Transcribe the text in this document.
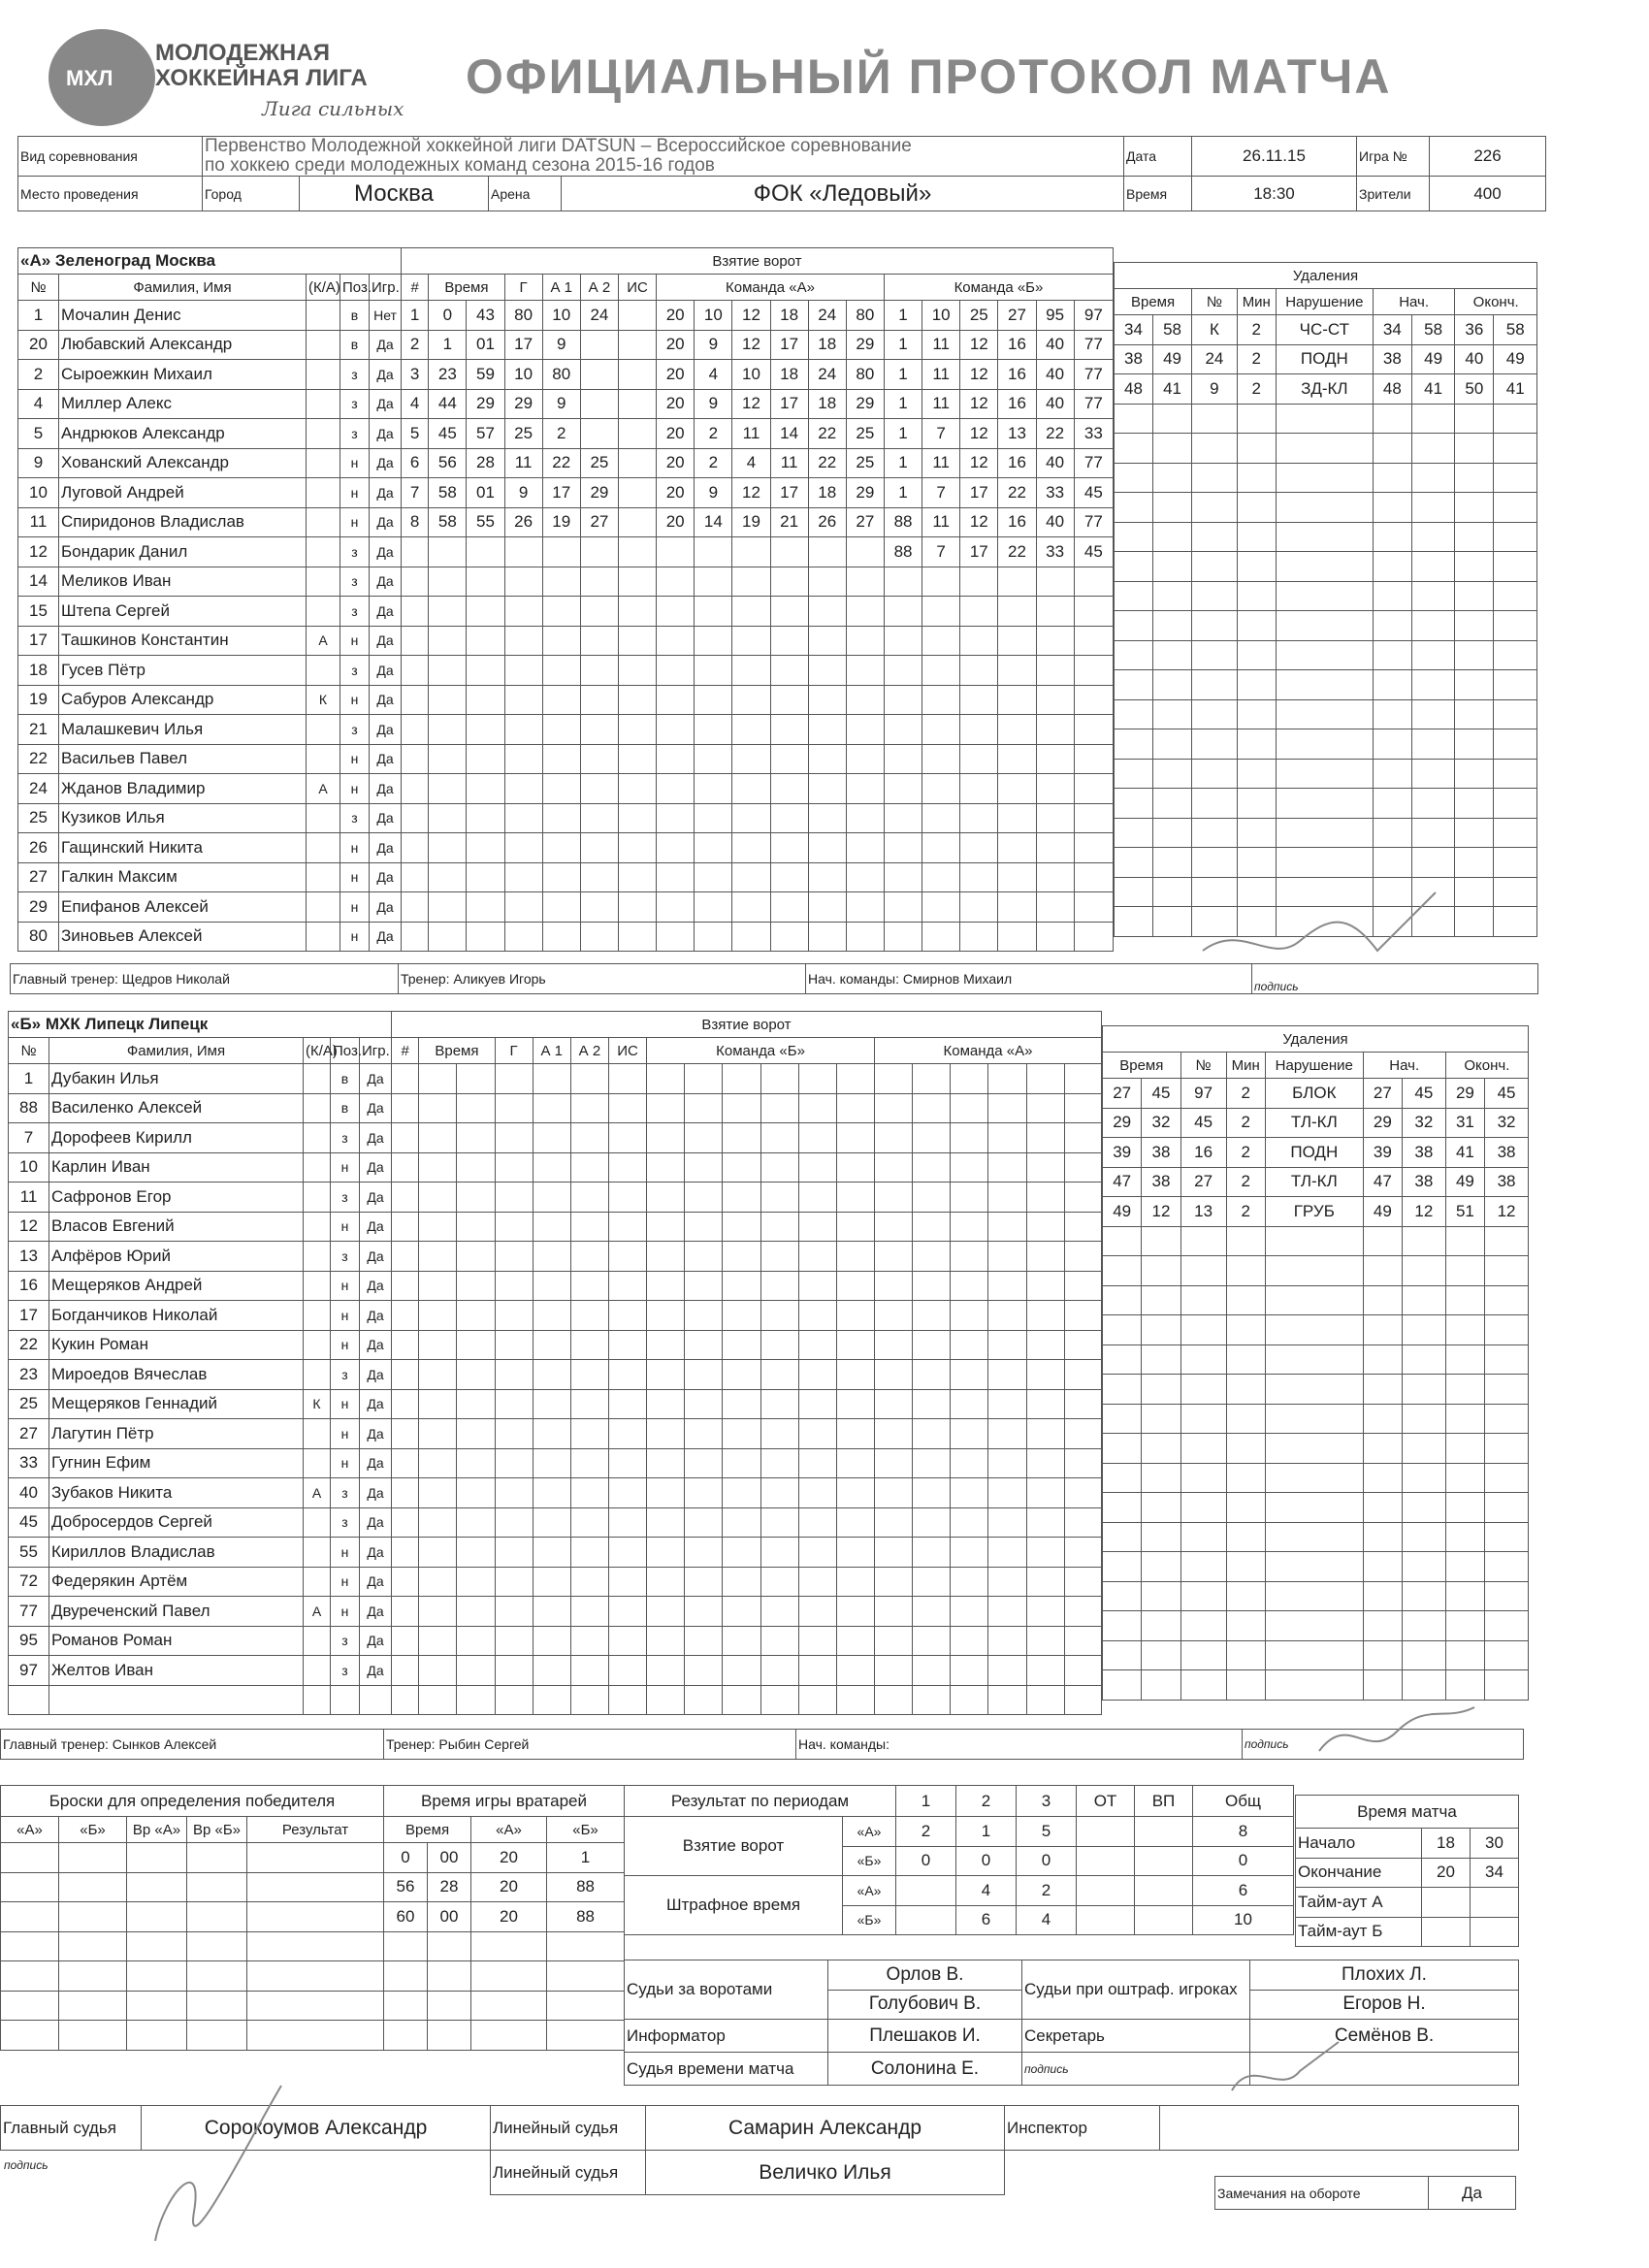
МХЛ
МОЛОДЕЖНАЯ
ХОККЕЙНАЯ ЛИГА
Лига сильных
ОФИЦИАЛЬНЫЙ ПРОТОКОЛ МАТЧА
Вид соревнования	Первенство Молодежной хоккейной лиги DATSUN – Всероссийское соревнование
по хоккею среди молодежных команд сезона 2015-16 годов				Дата	26.11.15	Игра №	226
Место проведения	Город	Москва	Арена	ФОК «Ледовый»	Время	18:30	Зрители	400
«А» Зеленоград Москва				
№	Фамилия, Имя	(К/А)	Поз.	Игр.
1	Мочалин Денис		в	Нет
20	Любавский Александр		в	Да
2	Сыроежкин Михаил		з	Да
4	Миллер Алекс		з	Да
5	Андрюков Александр		з	Да
9	Хованский Александр		н	Да
10	Луговой Андрей		н	Да
11	Спиридонов Владислав		н	Да
12	Бондарик Данил		з	Да
14	Меликов Иван		з	Да
15	Штепа Сергей		з	Да
17	Ташкинов Константин	А	н	Да
18	Гусев Пётр		з	Да
19	Сабуров Александр	К	н	Да
21	Малашкевич Илья		з	Да
22	Васильев Павел		н	Да
24	Жданов Владимир	А	н	Да
25	Кузиков Илья		з	Да
26	Гащинский Никита		н	Да
27	Галкин Максим		н	Да
29	Епифанов Алексей		н	Да
80	Зиновьев Алексей		н	Да
Взятие ворот																		
#	Время		Г	А 1	А 2	ИС	Команда «А»						Команда «Б»					
1	0	43	80	10	24		20	10	12	18	24	80	1	10	25	27	95	97
2	1	01	17	9			20	9	12	17	18	29	1	11	12	16	40	77
3	23	59	10	80			20	4	10	18	24	80	1	11	12	16	40	77
4	44	29	29	9			20	9	12	17	18	29	1	11	12	16	40	77
5	45	57	25	2			20	2	11	14	22	25	1	7	12	13	22	33
6	56	28	11	22	25		20	2	4	11	22	25	1	11	12	16	40	77
7	58	01	9	17	29		20	9	12	17	18	29	1	7	17	22	33	45
8	58	55	26	19	27		20	14	19	21	26	27	88	11	12	16	40	77
													88	7	17	22	33	45

Удаления								
Время		№	Мин	Нарушение	Нач.		Оконч.	
34	58	К	2	ЧС-СТ	34	58	36	58
38	49	24	2	ПОДН	38	49	40	49
48	41	9	2	ЗД-КЛ	48	41	50	41

Главный тренер: Щедров Николай	Тренер: Аликуев Игорь	Нач. команды: Смирнов Михаил	подпись
«Б» МХК Липецк Липецк				
№	Фамилия, Имя	(К/А)	Поз.	Игр.
1	Дубакин Илья		в	Да
88	Василенко Алексей		в	Да
7	Дорофеев Кирилл		з	Да
10	Карлин Иван		н	Да
11	Сафронов Егор		з	Да
12	Власов Евгений		н	Да
13	Алфёров Юрий		з	Да
16	Мещеряков Андрей		н	Да
17	Богданчиков Николай		н	Да
22	Кукин Роман		н	Да
23	Мироедов Вячеслав		з	Да
25	Мещеряков Геннадий	К	н	Да
27	Лагутин Пётр		н	Да
33	Гугнин Ефим		н	Да
40	Зубаков Никита	А	з	Да
45	Добросердов Сергей		з	Да
55	Кириллов Владислав		н	Да
72	Федерякин Артём		н	Да
77	Двуреченский Павел	А	н	Да
95	Романов Роман		з	Да
97	Желтов Иван		з	Да

Взятие ворот																		
#	Время		Г	А 1	А 2	ИС	Команда «Б»						Команда «А»					

Удаления								
Время		№	Мин	Нарушение	Нач.		Оконч.	
27	45	97	2	БЛОК	27	45	29	45
29	32	45	2	ТЛ-КЛ	29	32	31	32
39	38	16	2	ПОДН	39	38	41	38
47	38	27	2	ТЛ-КЛ	47	38	49	38
49	12	13	2	ГРУБ	49	12	51	12

Главный тренер: Сынков Алексей	Тренер: Рыбин Сергей	Нач. команды:	подпись
Броски для определения победителя				
«А»	«Б»	Вр «А»	Вр «Б»	Результат

Время игры вратарей			
Время		«А»	«Б»
0	00	20	1
56	28	20	88
60	00	20	88

Результат по периодам		1	2	3	ОТ	ВП	Общ
Взятие ворот	«А»	2	1	5			8
	«Б»	0	0	0			0
Штрафное время	«А»		4	2			6
	«Б»		6	4			10
Время матча		
Начало	18	30
Окончание	20	34
Тайм-аут А		
Тайм-аут Б		
Судьи за воротами	Орлов В.	Судьи при оштраф. игроках	Плохих Л.
	Голубович В.		Егоров Н.
Информатор	Плешаков И.	Секретарь	Семёнов В.
Судья времени матча	Солонина Е.	подпись	
Главный судья	Сорокоумов Александр	Линейный судья	Самарин Александр	Инспектор	
подпись	Линейный судья	Величко Илья
Замечания на обороте	Да
